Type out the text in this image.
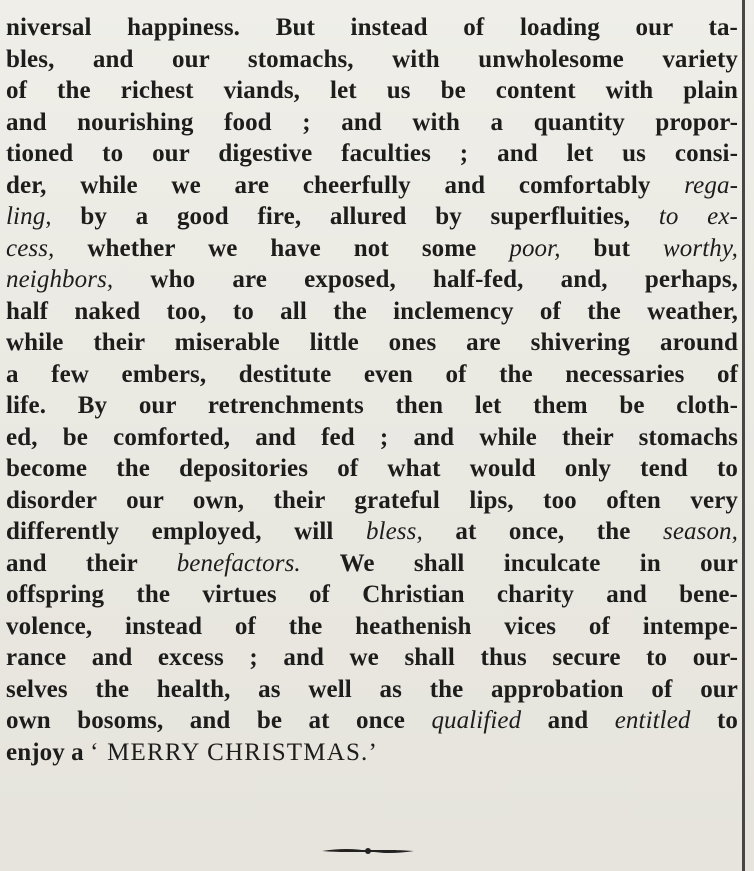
niversal happiness. But instead of loading our ta-
bles, and our stomachs, with unwholesome variety
of the richest viands, let us be content with plain
and nourishing food ; and with a quantity propor-
tioned to our digestive faculties ; and let us consi-
der, while we are cheerfully and comfortably rega-
ling, by a good fire, allured by superfluities, to ex-
cess, whether we have not some poor, but worthy,
neighbors, who are exposed, half-fed, and, perhaps,
half naked too, to all the inclemency of the weather,
while their miserable little ones are shivering around
a few embers, destitute even of the necessaries of
life. By our retrenchments then let them be cloth-
ed, be comforted, and fed ; and while their stomachs
become the depositories of what would only tend to
disorder our own, their grateful lips, too often very
differently employed, will bless, at once, the season,
and their benefactors. We shall inculcate in our
offspring the virtues of Christian charity and bene-
volence, instead of the heathenish vices of intempe-
rance and excess ; and we shall thus secure to our-
selves the health, as well as the approbation of our
own bosoms, and be at once qualified and entitled to
enjoy a ‘ MERRY CHRISTMAS.’
